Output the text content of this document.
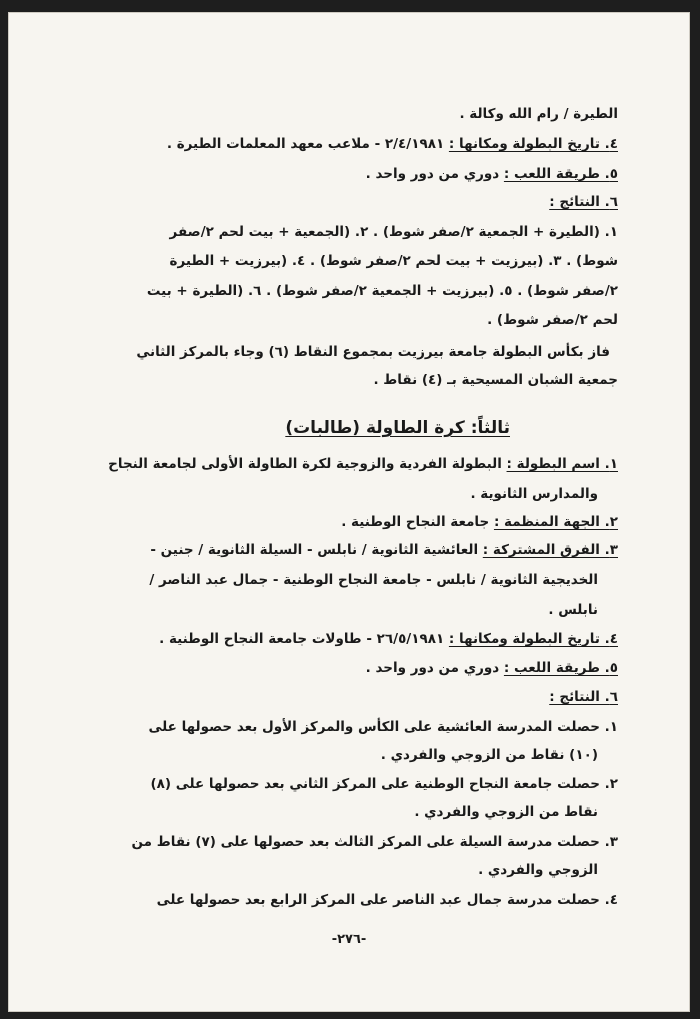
الطيرة / رام الله وكالة .
٤. تاريخ البطولة ومكانها : ٢/٤/١٩٨١ - ملاعب معهد المعلمات الطيرة .
٥. طريقة اللعب : دوري من دور واحد .
٦. النتائج :
١. (الطيرة + الجمعية ٢/صفر شوط) . ٢. (الجمعية + بيت لحم ٢/صفر
شوط) . ٣. (بيرزيت + بيت لحم ٢/صفر شوط) . ٤. (بيرزيت + الطيرة
٢/صفر شوط) . ٥. (بيرزيت + الجمعية ٢/صفر شوط) . ٦. (الطيرة + بيت
لحم ٢/صفر شوط) .
فاز بكأس البطولة جامعة بيرزيت بمجموع النقاط (٦) وجاء بالمركز الثاني
جمعية الشبان المسيحية بـ (٤) نقاط .
ثالثاً: كرة الطاولة (طالبات)
١. اسم البطولة : البطولة الفردية والزوجية لكرة الطاولة الأولى لجامعة النجاح
والمدارس الثانوية .
٢. الجهة المنظمة : جامعة النجاح الوطنية .
٣. الفرق المشتركة : العائشية الثانوية / نابلس - السيلة الثانوية / جنين -
الخديجية الثانوية / نابلس - جامعة النجاح الوطنية - جمال عبد الناصر /
نابلس .
٤. تاريخ البطولة ومكانها : ٢٦/٥/١٩٨١ - طاولات جامعة النجاح الوطنية .
٥. طريقة اللعب : دوري من دور واحد .
٦. النتائج :
١. حصلت المدرسة العائشية على الكأس والمركز الأول بعد حصولها على
(١٠) نقاط من الزوجي والفردي .
٢. حصلت جامعة النجاح الوطنية على المركز الثاني بعد حصولها على (٨)
نقاط من الزوجي والفردي .
٣. حصلت مدرسة السيلة على المركز الثالث بعد حصولها على (٧) نقاط من
الزوجي والفردي .
٤. حصلت مدرسة جمال عبد الناصر على المركز الرابع بعد حصولها على
-٢٧٦-
